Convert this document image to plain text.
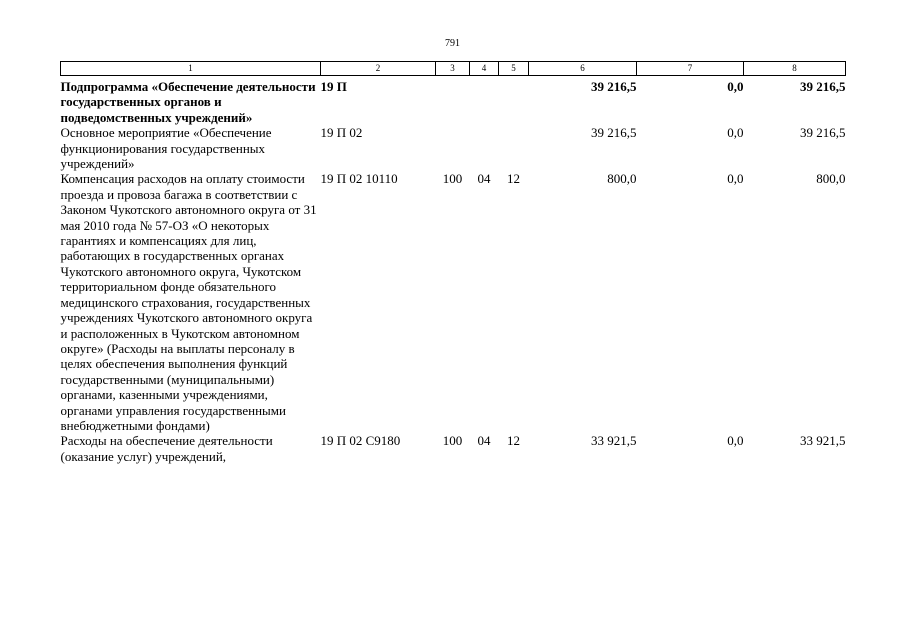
791
1	2	3	4	5	6	7	8
Подпрограмма «Обеспечение деятельности государственных органов и подведомственных учреждений»	19 П				39 216,5	0,0	39 216,5
Основное мероприятие «Обеспечение функционирования государственных учреждений»	19 П 02				39 216,5	0,0	39 216,5
Компенсация расходов на оплату стоимости проезда и провоза багажа в соответствии с Законом Чукотского автономного округа от 31 мая 2010 года № 57-ОЗ «О некоторых гарантиях и компенсациях для лиц, работающих в государственных органах Чукотского автономного округа, Чукотском территориальном фонде обязательного медицинского страхования, государственных учреждениях Чукотского автономного округа и расположенных в Чукотском автономном округе» (Расходы на выплаты персоналу в целях обеспечения выполнения функций государственными (муниципальными) органами, казенными учреждениями, органами управления государственными внебюджетными фондами)	19 П 02 10110	100	04	12	800,0	0,0	800,0
Расходы на обеспечение деятельности (оказание услуг) учреждений,	19 П 02 С9180	100	04	12	33 921,5	0,0	33 921,5
